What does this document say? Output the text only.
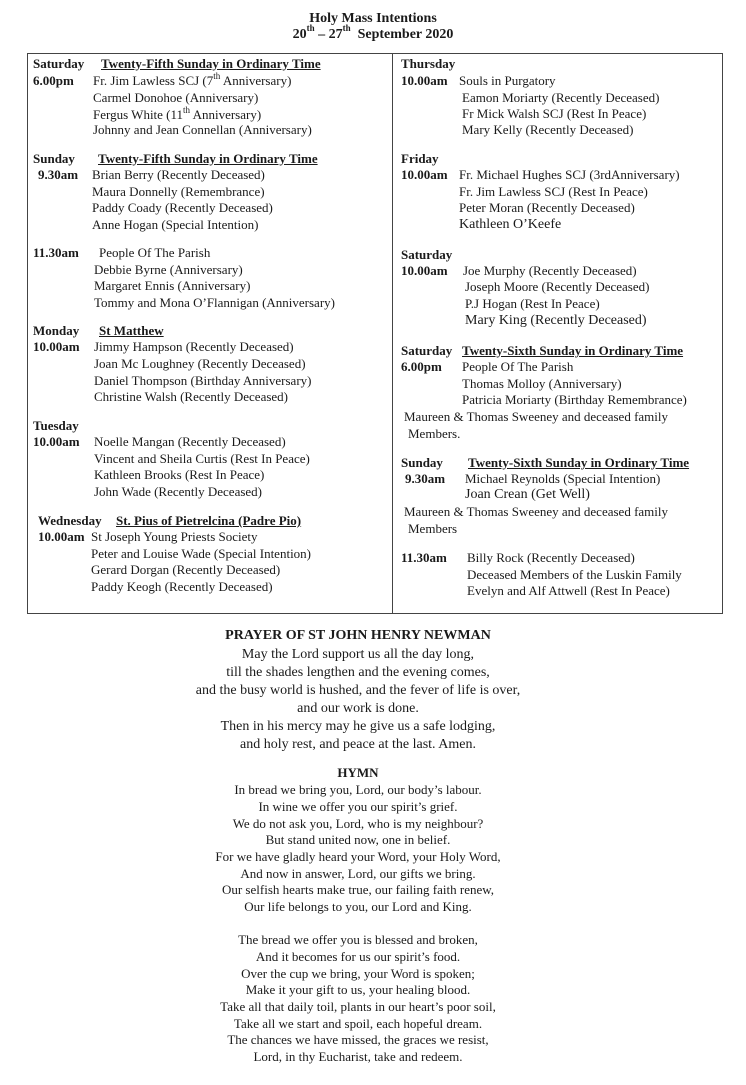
Holy Mass Intentions
20th – 27th  September 2020
Saturday Twenty-Fifth Sunday in Ordinary Time
6.00pm Fr. Jim Lawless SCJ (7th Anniversary)
Carmel Donohoe (Anniversary)
Fergus White (11th Anniversary)
Johnny and Jean Connellan (Anniversary)
Sunday Twenty-Fifth Sunday in Ordinary Time
9.30am Brian Berry (Recently Deceased)
Maura Donnelly (Remembrance)
Paddy Coady (Recently Deceased)
Anne Hogan (Special Intention)
11.30am People Of The Parish
Debbie Byrne (Anniversary)
Margaret Ennis (Anniversary)
Tommy and Mona O’Flannigan (Anniversary)
Monday St Matthew
10.00am Jimmy Hampson (Recently Deceased)
Joan Mc Loughney (Recently Deceased)
Daniel Thompson (Birthday Anniversary)
Christine Walsh (Recently Deceased)
Tuesday
10.00am Noelle Mangan (Recently Deceased)
Vincent and Sheila Curtis (Rest In Peace)
Kathleen Brooks (Rest In Peace)
John Wade (Recently Deceased)
Wednesday St. Pius of Pietrelcina (Padre Pio)
10.00am St Joseph Young Priests Society
Peter and Louise Wade (Special Intention)
Gerard Dorgan (Recently Deceased)
Paddy Keogh (Recently Deceased)
Thursday
10.00am Souls in Purgatory
Eamon Moriarty (Recently Deceased)
Fr Mick Walsh SCJ (Rest In Peace)
Mary Kelly (Recently Deceased)
Friday
10.00am Fr. Michael Hughes SCJ (3rdAnniversary)
Fr. Jim Lawless SCJ (Rest In Peace)
Peter Moran (Recently Deceased)
Kathleen O’Keefe
Saturday
10.00am Joe Murphy (Recently Deceased)
Joseph Moore (Recently Deceased)
P.J Hogan (Rest In Peace)
Mary King (Recently Deceased)
Saturday Twenty-Sixth Sunday in Ordinary Time
6.00pm People Of The Parish
Thomas Molloy (Anniversary)
Patricia Moriarty (Birthday Remembrance)
Maureen & Thomas Sweeney and deceased family
Members.
Sunday Twenty-Sixth Sunday in Ordinary Time
9.30am Michael Reynolds (Special Intention)
Joan Crean (Get Well)
Maureen & Thomas Sweeney and deceased family
Members
11.30am Billy Rock (Recently Deceased)
Deceased Members of the Luskin Family
Evelyn and Alf Attwell (Rest In Peace)
PRAYER OF ST JOHN HENRY NEWMAN
May the Lord support us all the day long,
till the shades lengthen and the evening comes,
and the busy world is hushed, and the fever of life is over,
and our work is done.
Then in his mercy may he give us a safe lodging,
and holy rest, and peace at the last. Amen.
HYMN
In bread we bring you, Lord, our body’s labour.
In wine we offer you our spirit’s grief.
We do not ask you, Lord, who is my neighbour?
But stand united now, one in belief.
For we have gladly heard your Word, your Holy Word,
And now in answer, Lord, our gifts we bring.
Our selfish hearts make true, our failing faith renew,
Our life belongs to you, our Lord and King.
The bread we offer you is blessed and broken,
And it becomes for us our spirit’s food.
Over the cup we bring, your Word is spoken;
Make it your gift to us, your healing blood.
Take all that daily toil, plants in our heart’s poor soil,
Take all we start and spoil, each hopeful dream.
The chances we have missed, the graces we resist,
Lord, in thy Eucharist, take and redeem.
